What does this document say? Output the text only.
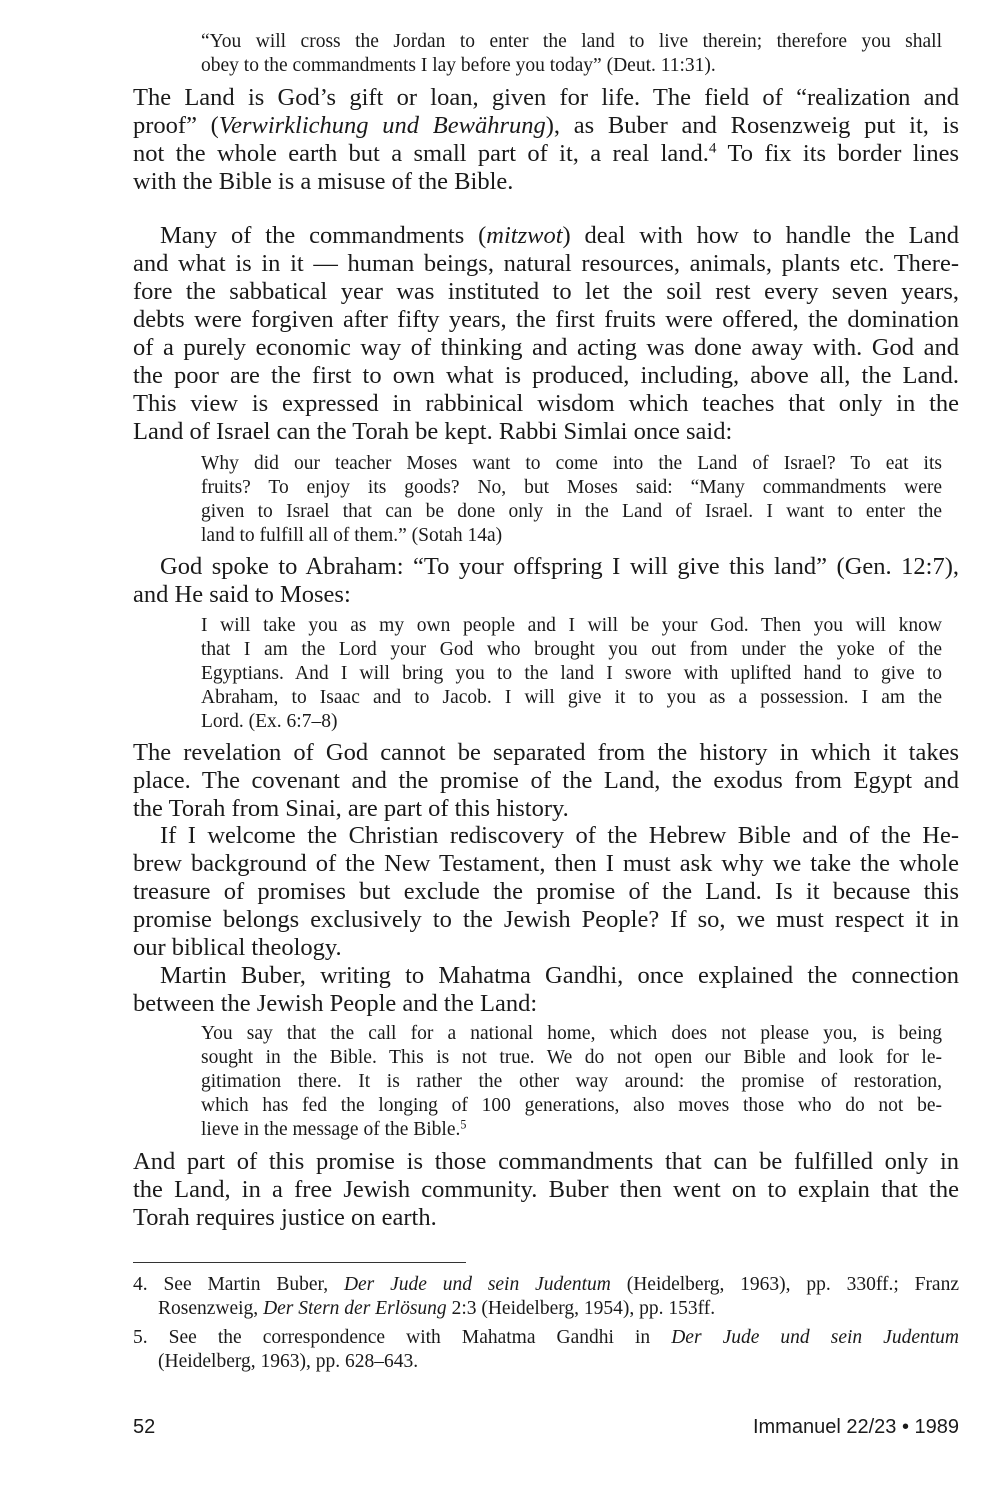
“You will cross the Jordan to enter the land to live therein; therefore you shall
obey to the commandments I lay before you today” (Deut. 11:31).
The Land is God’s gift or loan, given for life. The field of “realization and
proof” (Verwirklichung und Bewährung), as Buber and Rosenzweig put it, is
not the whole earth but a small part of it, a real land.$^4$ To fix its border lines
with the Bible is a misuse of the Bible.
Many of the commandments (mitzwot) deal with how to handle the Land
and what is in it — human beings, natural resources, animals, plants etc. There-
fore the sabbatical year was instituted to let the soil rest every seven years,
debts were forgiven after fifty years, the first fruits were offered, the domination
of a purely economic way of thinking and acting was done away with. God and
the poor are the first to own what is produced, including, above all, the Land.
This view is expressed in rabbinical wisdom which teaches that only in the
Land of Israel can the Torah be kept. Rabbi Simlai once said:
Why did our teacher Moses want to come into the Land of Israel? To eat its
fruits? To enjoy its goods? No, but Moses said: “Many commandments were
given to Israel that can be done only in the Land of Israel. I want to enter the
land to fulfill all of them.” (Sotah 14a)
God spoke to Abraham: “To your offspring I will give this land” (Gen. 12:7),
and He said to Moses:
I will take you as my own people and I will be your God. Then you will know
that I am the Lord your God who brought you out from under the yoke of the
Egyptians. And I will bring you to the land I swore with uplifted hand to give to
Abraham, to Isaac and to Jacob. I will give it to you as a possession. I am the
Lord. (Ex. 6:7–8)
The revelation of God cannot be separated from the history in which it takes
place. The covenant and the promise of the Land, the exodus from Egypt and
the Torah from Sinai, are part of this history.
If I welcome the Christian rediscovery of the Hebrew Bible and of the He-
brew background of the New Testament, then I must ask why we take the whole
treasure of promises but exclude the promise of the Land. Is it because this
promise belongs exclusively to the Jewish People? If so, we must respect it in
our biblical theology.
Martin Buber, writing to Mahatma Gandhi, once explained the connection
between the Jewish People and the Land:
You say that the call for a national home, which does not please you, is being
sought in the Bible. This is not true. We do not open our Bible and look for le-
gitimation there. It is rather the other way around: the promise of restoration,
which has fed the longing of 100 generations, also moves those who do not be-
lieve in the message of the Bible.$^5$
And part of this promise is those commandments that can be fulfilled only in
the Land, in a free Jewish community. Buber then went on to explain that the
Torah requires justice on earth.
4. See Martin Buber, Der Jude und sein Judentum (Heidelberg, 1963), pp. 330ff.; Franz
Rosenzweig, Der Stern der Erlösung 2:3 (Heidelberg, 1954), pp. 153ff.
5. See the correspondence with Mahatma Gandhi in Der Jude und sein Judentum
(Heidelberg, 1963), pp. 628–643.
52	Immanuel 22/23 • 1989
